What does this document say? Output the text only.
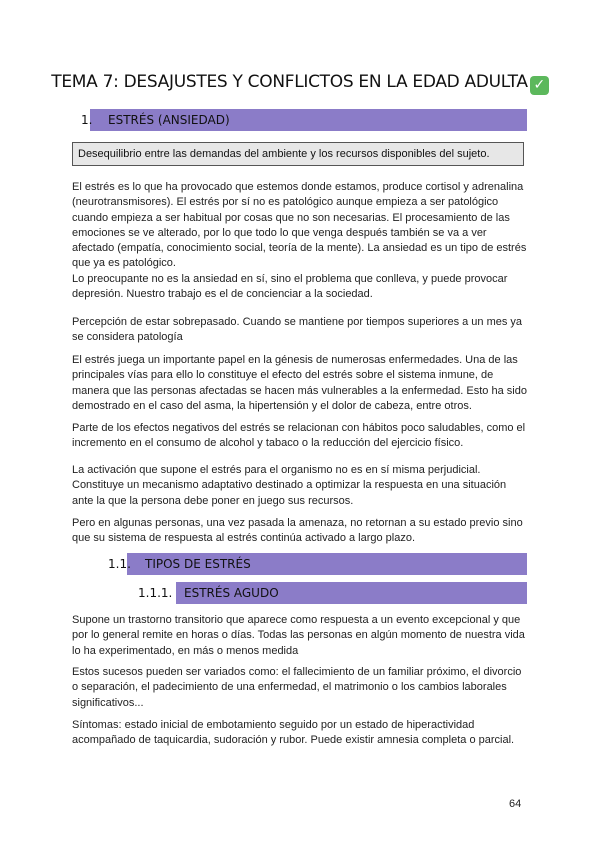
TEMA 7: DESAJUSTES Y CONFLICTOS EN LA EDAD ADULTA ✓
1. ESTRÉS (ANSIEDAD)
Desequilibrio entre las demandas del ambiente y los recursos disponibles del sujeto.

El estrés es lo que ha provocado que estemos donde estamos, produce cortisol y adrenalina (neurotransmisores). El estrés por sí no es patológico aunque empieza a ser patológico cuando empieza a ser habitual por cosas que no son necesarias. El procesamiento de las emociones se ve alterado, por lo que todo lo que venga después también se va a ver afectado (empatía, conocimiento social, teoría de la mente). La ansiedad es un tipo de estrés que ya es patológico.

Lo preocupante no es la ansiedad en sí, sino el problema que conlleva, y puede provocar depresión. Nuestro trabajo es el de concienciar a la sociedad.

Percepción de estar sobrepasado. Cuando se mantiene por tiempos superiores a un mes ya se considera patología

El estrés juega un importante papel en la génesis de numerosas enfermedades. Una de las principales vías para ello lo constituye el efecto del estrés sobre el sistema inmune, de manera que las personas afectadas se hacen más vulnerables a la enfermedad. Esto ha sido demostrado en el caso del asma, la hipertensión y el dolor de cabeza, entre otros.

Parte de los efectos negativos del estrés se relacionan con hábitos poco saludables, como el incremento en el consumo de alcohol y tabaco o la reducción del ejercicio físico.

La activación que supone el estrés para el organismo no es en sí misma perjudicial. Constituye un mecanismo adaptativo destinado a optimizar la respuesta en una situación ante la que la persona debe poner en juego sus recursos.

Pero en algunas personas, una vez pasada la amenaza, no retornan a su estado previo sino que su sistema de respuesta al estrés continúa activado a largo plazo.

1.1. TIPOS DE ESTRÉS
1.1.1. ESTRÉS AGUDO

Supone un trastorno transitorio que aparece como respuesta a un evento excepcional y que por lo general remite en horas o días. Todas las personas en algún momento de nuestra vida lo ha experimentado, en más o menos medida

Estos sucesos pueden ser variados como: el fallecimiento de un familiar próximo, el divorcio o separación, el padecimiento de una enfermedad, el matrimonio o los cambios laborales significativos...

Síntomas: estado inicial de embotamiento seguido por un estado de hiperactividad acompañado de taquicardia, sudoración y rubor. Puede existir amnesia completa o parcial.

64
